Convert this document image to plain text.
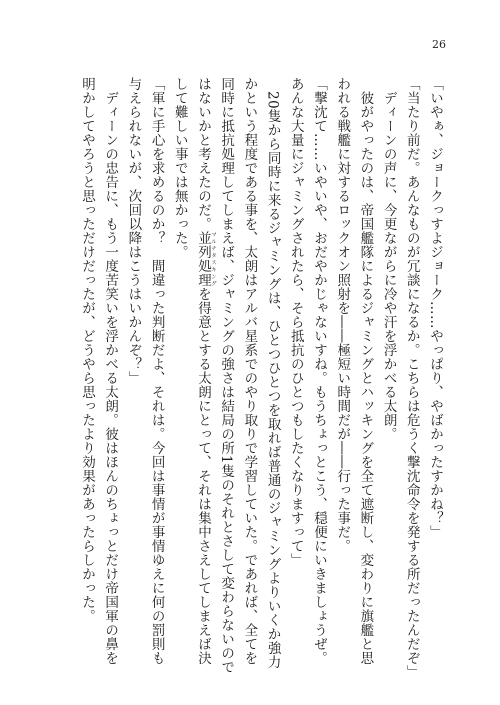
26

「いやぁ、ジョークっすよジョーク……やっぱり、やばかったすかね？」

「当たり前だ。あんなものが冗談になるか。こちらは危うく撃沈命令を発する所だったんだぞ」

ディーンの声に、今更ながらに冷や汗を浮かべる太朗。

彼がやったのは、帝国艦隊によるジャミングとハッキングを全て遮断し、変わりに旗艦と思われる戦艦に対するロックオン照射を――極短い時間だが――行った事だ。

「撃沈て……いやいや、おだやかじゃないすね。もうちょっとこう、穏便にいきましょうぜ。あんな大量にジャミングされたら、そら抵抗のひとつもしたくなりますって」

20隻から同時に来るジャミングは、ひとつひとつを取れば普通のジャミングよりいくか強力かという程度である事を、太朗はアルバ星系でのやり取りで学習していた。であれば、全てを同時に抵抗処理してしまえば、ジャミングの強さは結局の所1隻のそれとさして変わらないのではないかと考えたのだ。並列処理 マルチタスキングを得意とする太朗にとって、それは集中さえしてしまえば決して難しい事では無かった。

「軍に手心を求めるのか？　間違った判断だよ、それは。今回は事情が事情ゆえに何の罰則も与えられないが、次回以降はこうはいかんぞ？」

ディーンの忠告に、もう一度苦笑いを浮かべる太朗。彼はほんのちょっとだけ帝国軍の鼻を明かしてやろうと思っただけだったが、どうやら思ったより効果があったらしかった。
